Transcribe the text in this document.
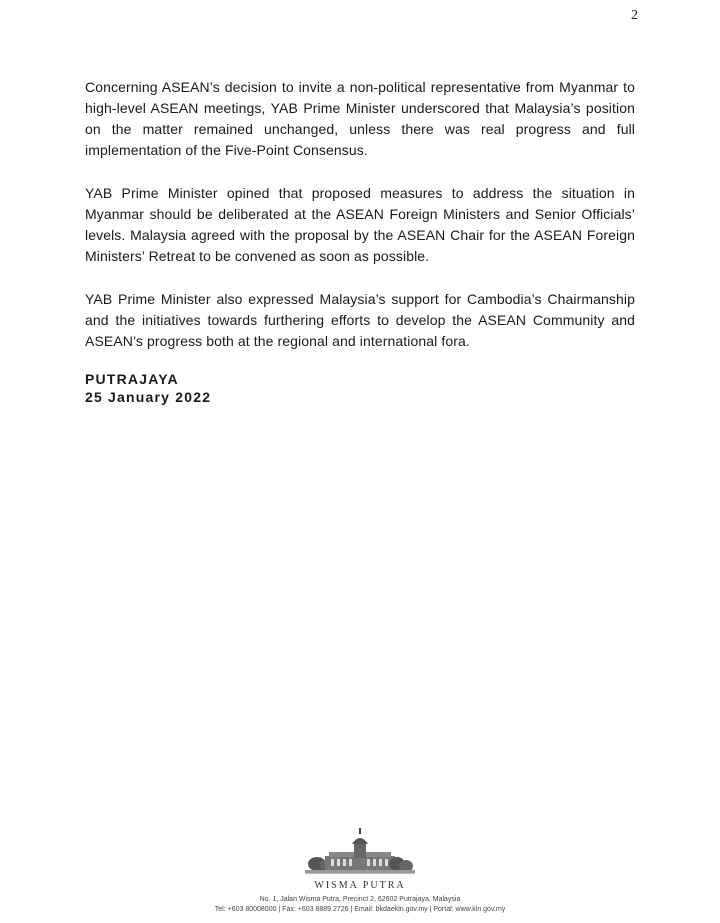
2

Concerning ASEAN’s decision to invite a non-political representative from Myanmar to high-level ASEAN meetings, YAB Prime Minister underscored that Malaysia’s position on the matter remained unchanged, unless there was real progress and full implementation of the Five-Point Consensus.

YAB Prime Minister opined that proposed measures to address the situation in Myanmar should be deliberated at the ASEAN Foreign Ministers and Senior Officials’ levels. Malaysia agreed with the proposal by the ASEAN Chair for the ASEAN Foreign Ministers’ Retreat to be convened as soon as possible.

YAB Prime Minister also expressed Malaysia’s support for Cambodia’s Chairmanship and the initiatives towards furthering efforts to develop the ASEAN Community and ASEAN’s progress both at the regional and international fora.

PUTRAJAYA
25 January 2022
WISMA PUTRA
No. 1, Jalan Wisma Putra, Precinct 2, 62602 Putrajaya, Malaysia
Tel: +603 80008000 | Fax: +603 8889 2726 | Email: bkdaekln.gov.my | Portal: www.kln.gov.my
